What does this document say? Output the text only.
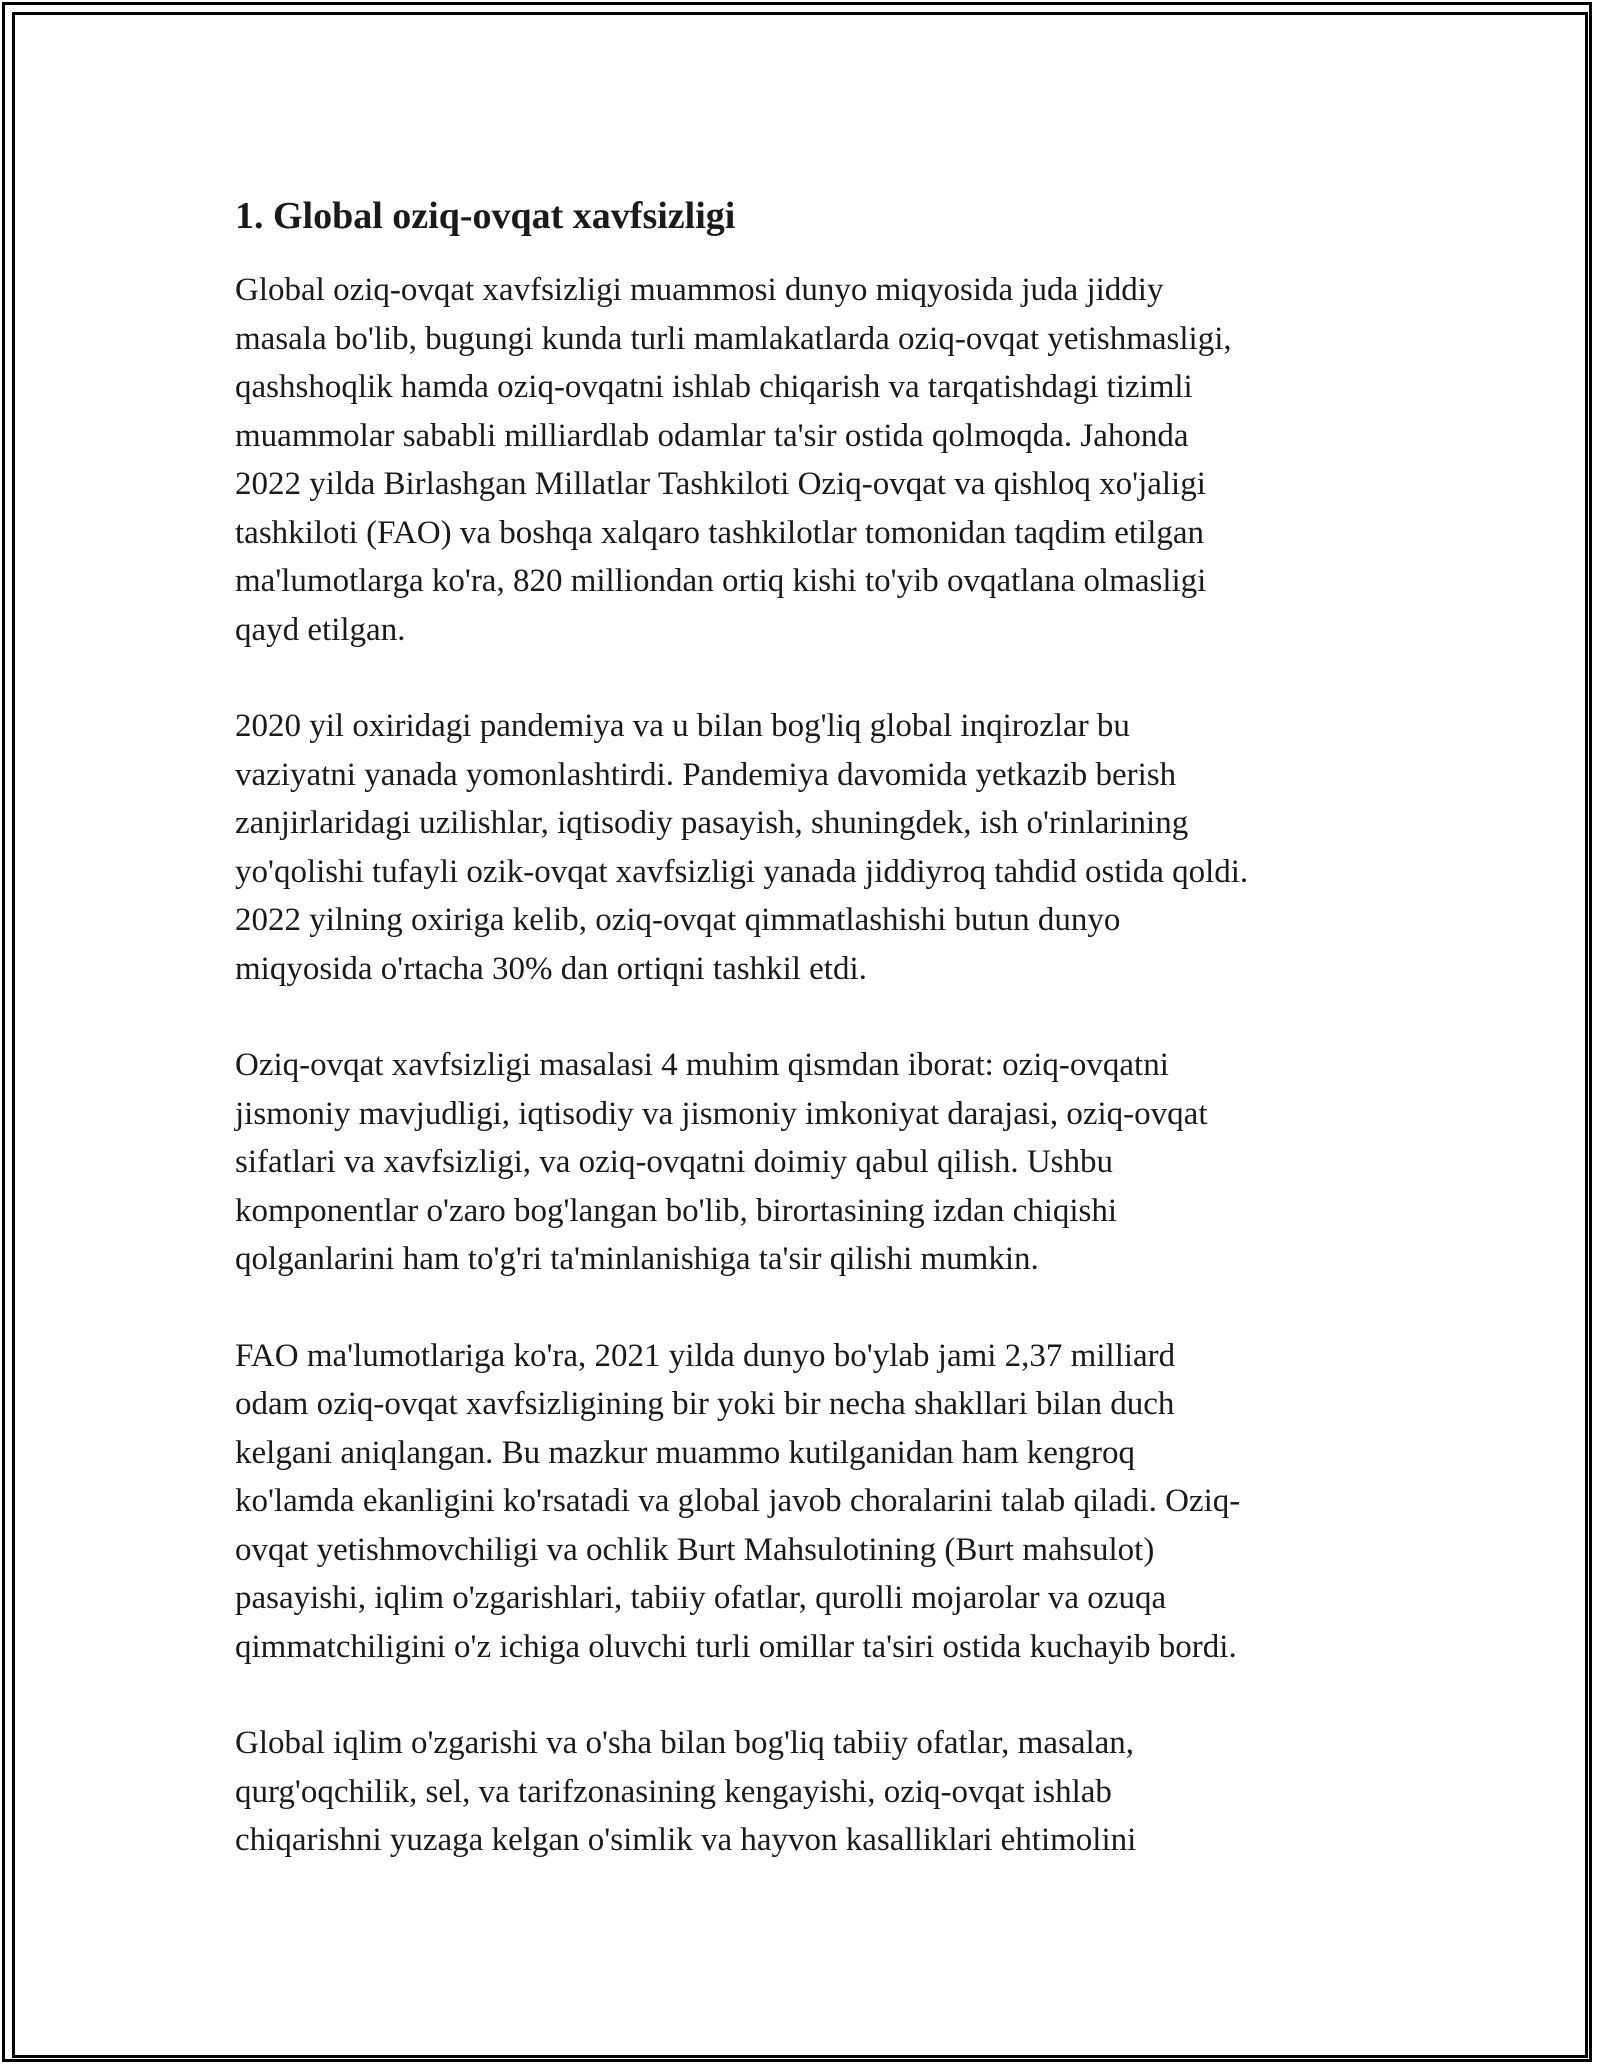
1. Global oziq-ovqat xavfsizligi
Global oziq-ovqat xavfsizligi muammosi dunyo miqyosida juda jiddiy
masala bo'lib, bugungi kunda turli mamlakatlarda oziq-ovqat yetishmasligi,
qashshoqlik hamda oziq-ovqatni ishlab chiqarish va tarqatishdagi tizimli
muammolar sababli milliardlab odamlar ta'sir ostida qolmoqda. Jahonda
2022 yilda Birlashgan Millatlar Tashkiloti Oziq-ovqat va qishloq xo'jaligi
tashkiloti (FAO) va boshqa xalqaro tashkilotlar tomonidan taqdim etilgan
ma'lumotlarga ko'ra, 820 milliondan ortiq kishi to'yib ovqatlana olmasligi
qayd etilgan.
2020 yil oxiridagi pandemiya va u bilan bog'liq global inqirozlar bu
vaziyatni yanada yomonlashtirdi. Pandemiya davomida yetkazib berish
zanjirlaridagi uzilishlar, iqtisodiy pasayish, shuningdek, ish o'rinlarining
yo'qolishi tufayli ozik-ovqat xavfsizligi yanada jiddiyroq tahdid ostida qoldi.
2022 yilning oxiriga kelib, oziq-ovqat qimmatlashishi butun dunyo
miqyosida o'rtacha 30% dan ortiqni tashkil etdi.
Oziq-ovqat xavfsizligi masalasi 4 muhim qismdan iborat: oziq-ovqatni
jismoniy mavjudligi, iqtisodiy va jismoniy imkoniyat darajasi, oziq-ovqat
sifatlari va xavfsizligi, va oziq-ovqatni doimiy qabul qilish. Ushbu
komponentlar o'zaro bog'langan bo'lib, birortasining izdan chiqishi
qolganlarini ham to'g'ri ta'minlanishiga ta'sir qilishi mumkin.
FAO ma'lumotlariga ko'ra, 2021 yilda dunyo bo'ylab jami 2,37 milliard
odam oziq-ovqat xavfsizligining bir yoki bir necha shakllari bilan duch
kelgani aniqlangan. Bu mazkur muammo kutilganidan ham kengroq
ko'lamda ekanligini ko'rsatadi va global javob choralarini talab qiladi. Oziq-
ovqat yetishmovchiligi va ochlik Burt Mahsulotining (Burt mahsulot)
pasayishi, iqlim o'zgarishlari, tabiiy ofatlar, qurolli mojarolar va ozuqa
qimmatchiligini o'z ichiga oluvchi turli omillar ta'siri ostida kuchayib bordi.
Global iqlim o'zgarishi va o'sha bilan bog'liq tabiiy ofatlar, masalan,
qurg'oqchilik, sel, va tarifzonasining kengayishi, oziq-ovqat ishlab
chiqarishni yuzaga kelgan o'simlik va hayvon kasalliklari ehtimolini
